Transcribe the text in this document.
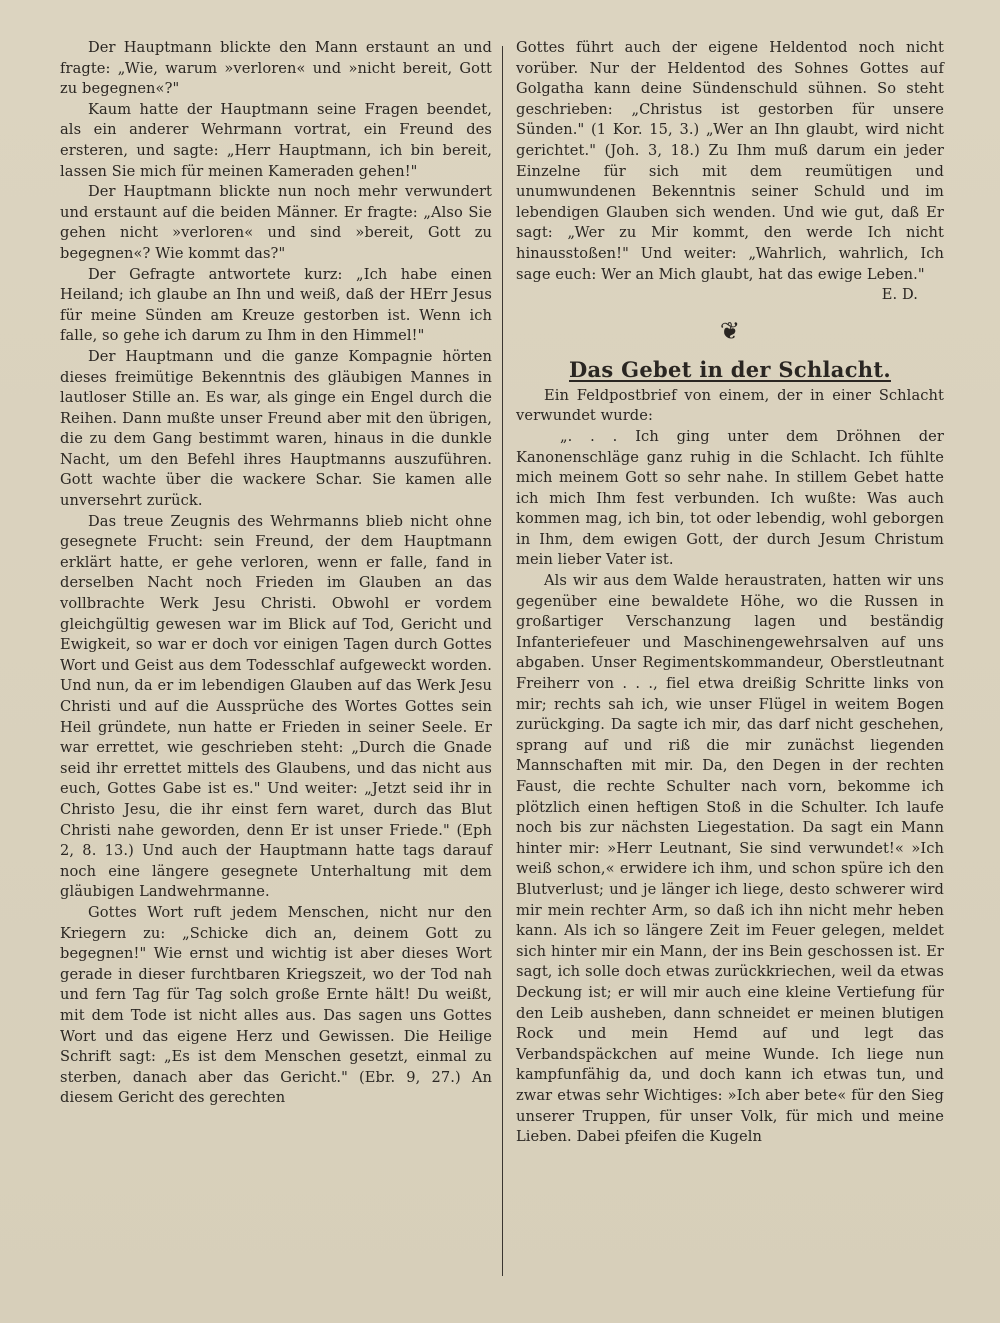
Der Hauptmann blickte den Mann erstaunt an und fragte: „Wie, warum »verloren« und »nicht bereit, Gott zu begegnen«?"

Kaum hatte der Hauptmann seine Fragen beendet, als ein anderer Wehrmann vortrat, ein Freund des ersteren, und sagte: „Herr Hauptmann, ich bin bereit, lassen Sie mich für meinen Kameraden gehen!"

Der Hauptmann blickte nun noch mehr verwundert und erstaunt auf die beiden Männer. Er fragte: „Also Sie gehen nicht »verloren« und sind »bereit, Gott zu begegnen«? Wie kommt das?"

Der Gefragte antwortete kurz: „Ich habe einen Heiland; ich glaube an Ihn und weiß, daß der HErr Jesus für meine Sünden am Kreuze gestorben ist. Wenn ich falle, so gehe ich darum zu Ihm in den Himmel!"

Der Hauptmann und die ganze Kompagnie hörten dieses freimütige Bekenntnis des gläubigen Mannes in lautloser Stille an. Es war, als ginge ein Engel durch die Reihen. Dann mußte unser Freund aber mit den übrigen, die zu dem Gang bestimmt waren, hinaus in die dunkle Nacht, um den Befehl ihres Hauptmanns auszuführen. Gott wachte über die wackere Schar. Sie kamen alle unversehrt zurück.

Das treue Zeugnis des Wehrmanns blieb nicht ohne gesegnete Frucht: sein Freund, der dem Hauptmann erklärt hatte, er gehe verloren, wenn er falle, fand in derselben Nacht noch Frieden im Glauben an das vollbrachte Werk Jesu Christi. Obwohl er vordem gleichgültig gewesen war im Blick auf Tod, Gericht und Ewigkeit, so war er doch vor einigen Tagen durch Gottes Wort und Geist aus dem Todesschlaf aufgeweckt worden. Und nun, da er im lebendigen Glauben auf das Werk Jesu Christi und auf die Aussprüche des Wortes Gottes sein Heil gründete, nun hatte er Frieden in seiner Seele. Er war errettet, wie geschrieben steht: „Durch die Gnade seid ihr errettet mittels des Glaubens, und das nicht aus euch, Gottes Gabe ist es." Und weiter: „Jetzt seid ihr in Christo Jesu, die ihr einst fern waret, durch das Blut Christi nahe geworden, denn Er ist unser Friede." (Eph 2, 8. 13.) Und auch der Hauptmann hatte tags darauf noch eine längere gesegnete Unterhaltung mit dem gläubigen Landwehrmanne.

Gottes Wort ruft jedem Menschen, nicht nur den Kriegern zu: „Schicke dich an, deinem Gott zu begegnen!" Wie ernst und wichtig ist aber dieses Wort gerade in dieser furchtbaren Kriegszeit, wo der Tod nah und fern Tag für Tag solch große Ernte hält! Du weißt, mit dem Tode ist nicht alles aus. Das sagen uns Gottes Wort und das eigene Herz und Gewissen. Die Heilige Schrift sagt: „Es ist dem Menschen gesetzt, einmal zu sterben, danach aber das Gericht." (Ebr. 9, 27.) An diesem Gericht des gerechten

Gottes führt auch der eigene Heldentod noch nicht vorüber. Nur der Heldentod des Sohnes Gottes auf Golgatha kann deine Sündenschuld sühnen. So steht geschrieben: „Christus ist gestorben für unsere Sünden." (1 Kor. 15, 3.) „Wer an Ihn glaubt, wird nicht gerichtet." (Joh. 3, 18.) Zu Ihm muß darum ein jeder Einzelne für sich mit dem reumütigen und unumwundenen Bekenntnis seiner Schuld und im lebendigen Glauben sich wenden. Und wie gut, daß Er sagt: „Wer zu Mir kommt, den werde Ich nicht hinausstoßen!" Und weiter: „Wahrlich, wahrlich, Ich sage euch: Wer an Mich glaubt, hat das ewige Leben."

E. D.

❦
Das Gebet in der Schlacht.

Ein Feldpostbrief von einem, der in einer Schlacht verwundet wurde:

„. . . Ich ging unter dem Dröhnen der Kanonenschläge ganz ruhig in die Schlacht. Ich fühlte mich meinem Gott so sehr nahe. In stillem Gebet hatte ich mich Ihm fest verbunden. Ich wußte: Was auch kommen mag, ich bin, tot oder lebendig, wohl geborgen in Ihm, dem ewigen Gott, der durch Jesum Christum mein lieber Vater ist.

Als wir aus dem Walde heraustraten, hatten wir uns gegenüber eine bewaldete Höhe, wo die Russen in großartiger Verschanzung lagen und beständig Infanteriefeuer und Maschinengewehrsalven auf uns abgaben. Unser Regimentskommandeur, Oberstleutnant Freiherr von . . ., fiel etwa dreißig Schritte links von mir; rechts sah ich, wie unser Flügel in weitem Bogen zurückging. Da sagte ich mir, das darf nicht geschehen, sprang auf und riß die mir zunächst liegenden Mannschaften mit mir. Da, den Degen in der rechten Faust, die rechte Schulter nach vorn, bekomme ich plötzlich einen heftigen Stoß in die Schulter. Ich laufe noch bis zur nächsten Liegestation. Da sagt ein Mann hinter mir: »Herr Leutnant, Sie sind verwundet!« »Ich weiß schon,« erwidere ich ihm, und schon spüre ich den Blutverlust; und je länger ich liege, desto schwerer wird mir mein rechter Arm, so daß ich ihn nicht mehr heben kann. Als ich so längere Zeit im Feuer gelegen, meldet sich hinter mir ein Mann, der ins Bein geschossen ist. Er sagt, ich solle doch etwas zurückkriechen, weil da etwas Deckung ist; er will mir auch eine kleine Vertiefung für den Leib ausheben, dann schneidet er meinen blutigen Rock und mein Hemd auf und legt das Verbandspäckchen auf meine Wunde. Ich liege nun kampfunfähig da, und doch kann ich etwas tun, und zwar etwas sehr Wichtiges: »Ich aber bete« für den Sieg unserer Truppen, für unser Volk, für mich und meine Lieben. Dabei pfeifen die Kugeln
